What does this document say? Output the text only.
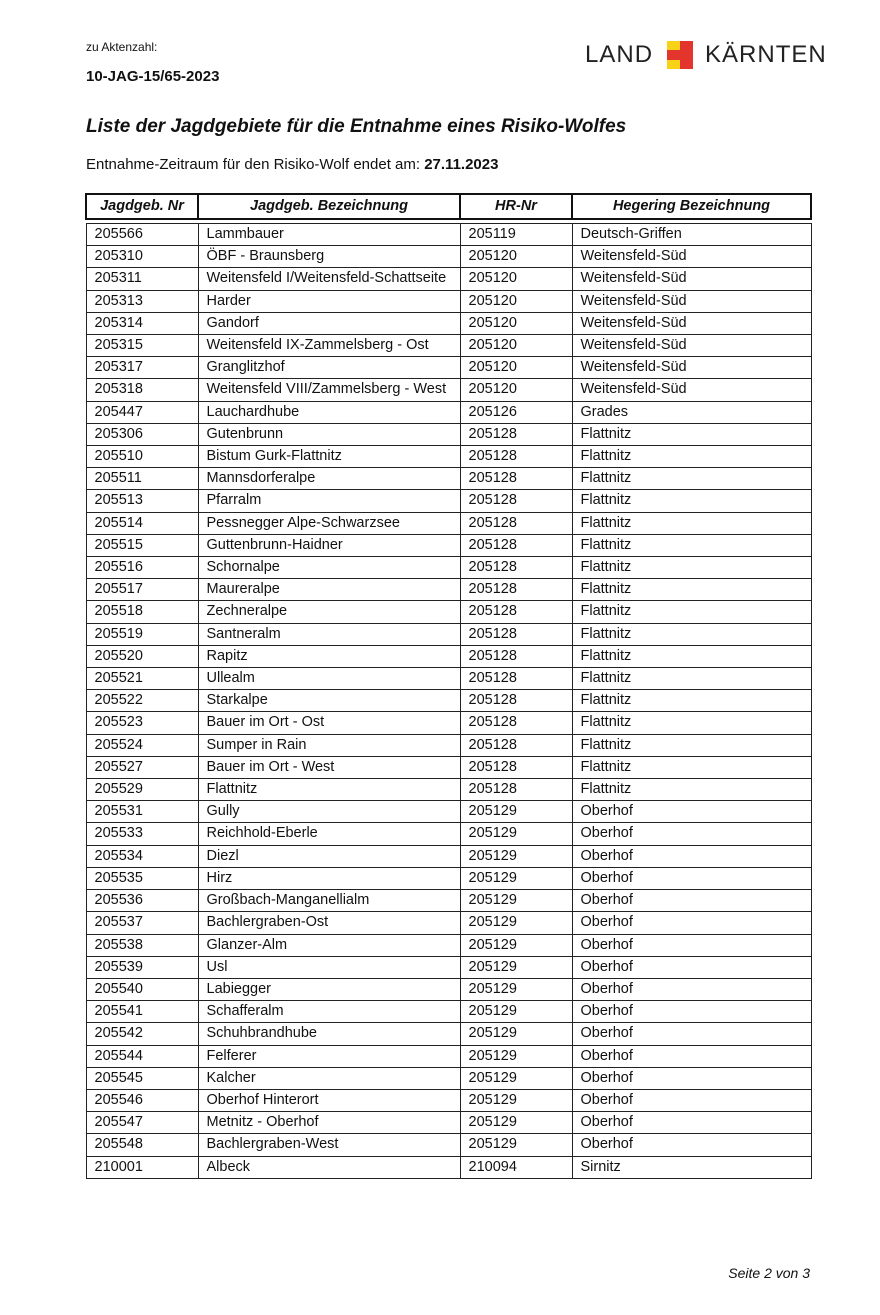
zu Aktenzahl:
10-JAG-15/65-2023
LAND KÄRNTEN
Liste der Jagdgebiete für die Entnahme eines Risiko-Wolfes
Entnahme-Zeitraum für den Risiko-Wolf endet am: 27.11.2023
Jagdgeb. Nr	Jagdgeb. Bezeichnung	HR-Nr	Hegering Bezeichnung

205566	Lammbauer	205119	Deutsch-Griffen
205310	ÖBF - Braunsberg	205120	Weitensfeld-Süd
205311	Weitensfeld I/Weitensfeld-Schattseite	205120	Weitensfeld-Süd
205313	Harder	205120	Weitensfeld-Süd
205314	Gandorf	205120	Weitensfeld-Süd
205315	Weitensfeld IX-Zammelsberg - Ost	205120	Weitensfeld-Süd
205317	Granglitzhof	205120	Weitensfeld-Süd
205318	Weitensfeld VIII/Zammelsberg - West	205120	Weitensfeld-Süd
205447	Lauchardhube	205126	Grades
205306	Gutenbrunn	205128	Flattnitz
205510	Bistum Gurk-Flattnitz	205128	Flattnitz
205511	Mannsdorferalpe	205128	Flattnitz
205513	Pfarralm	205128	Flattnitz
205514	Pessnegger Alpe-Schwarzsee	205128	Flattnitz
205515	Guttenbrunn-Haidner	205128	Flattnitz
205516	Schornalpe	205128	Flattnitz
205517	Maureralpe	205128	Flattnitz
205518	Zechneralpe	205128	Flattnitz
205519	Santneralm	205128	Flattnitz
205520	Rapitz	205128	Flattnitz
205521	Ullealm	205128	Flattnitz
205522	Starkalpe	205128	Flattnitz
205523	Bauer im Ort - Ost	205128	Flattnitz
205524	Sumper in Rain	205128	Flattnitz
205527	Bauer im Ort - West	205128	Flattnitz
205529	Flattnitz	205128	Flattnitz
205531	Gully	205129	Oberhof
205533	Reichhold-Eberle	205129	Oberhof
205534	Diezl	205129	Oberhof
205535	Hirz	205129	Oberhof
205536	Großbach-Manganellialm	205129	Oberhof
205537	Bachlergraben-Ost	205129	Oberhof
205538	Glanzer-Alm	205129	Oberhof
205539	Usl	205129	Oberhof
205540	Labiegger	205129	Oberhof
205541	Schafferalm	205129	Oberhof
205542	Schuhbrandhube	205129	Oberhof
205544	Felferer	205129	Oberhof
205545	Kalcher	205129	Oberhof
205546	Oberhof Hinterort	205129	Oberhof
205547	Metnitz - Oberhof	205129	Oberhof
205548	Bachlergraben-West	205129	Oberhof
210001	Albeck	210094	Sirnitz
Seite 2 von 3
